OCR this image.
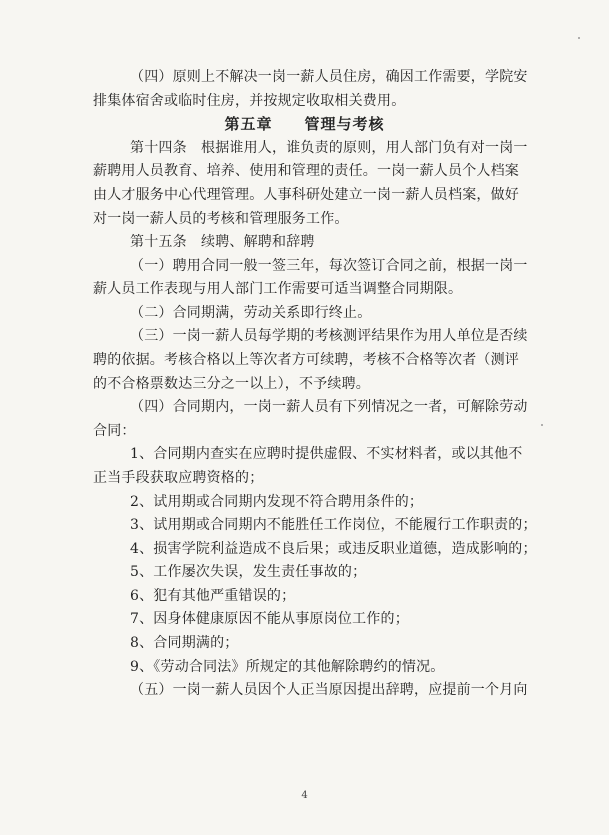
（四）原则上不解决一岗一薪人员住房，确因工作需要，学院安
排集体宿舍或临时住房，并按规定收取相关费用。
第五章　　管理与考核
第十四条　根据谁用人，谁负责的原则，用人部门负有对一岗一
薪聘用人员教育、培养、使用和管理的责任。一岗一薪人员个人档案
由人才服务中心代理管理。人事科研处建立一岗一薪人员档案，做好
对一岗一薪人员的考核和管理服务工作。
第十五条　续聘、解聘和辞聘
（一）聘用合同一般一签三年，每次签订合同之前，根据一岗一
薪人员工作表现与用人部门工作需要可适当调整合同期限。
（二）合同期满，劳动关系即行终止。
（三）一岗一薪人员每学期的考核测评结果作为用人单位是否续
聘的依据。考核合格以上等次者方可续聘，考核不合格等次者（测评
的不合格票数达三分之一以上），不予续聘。
（四）合同期内，一岗一薪人员有下列情况之一者，可解除劳动
合同：
1、合同期内查实在应聘时提供虚假、不实材料者，或以其他不
正当手段获取应聘资格的；
2、试用期或合同期内发现不符合聘用条件的；
3、试用期或合同期内不能胜任工作岗位，不能履行工作职责的；
4、损害学院利益造成不良后果；或违反职业道德，造成影响的；
5、工作屡次失误，发生责任事故的；
6、犯有其他严重错误的；
7、因身体健康原因不能从事原岗位工作的；
8、合同期满的；
9、《劳动合同法》所规定的其他解除聘约的情况。
（五）一岗一薪人员因个人正当原因提出辞聘，应提前一个月向
4
